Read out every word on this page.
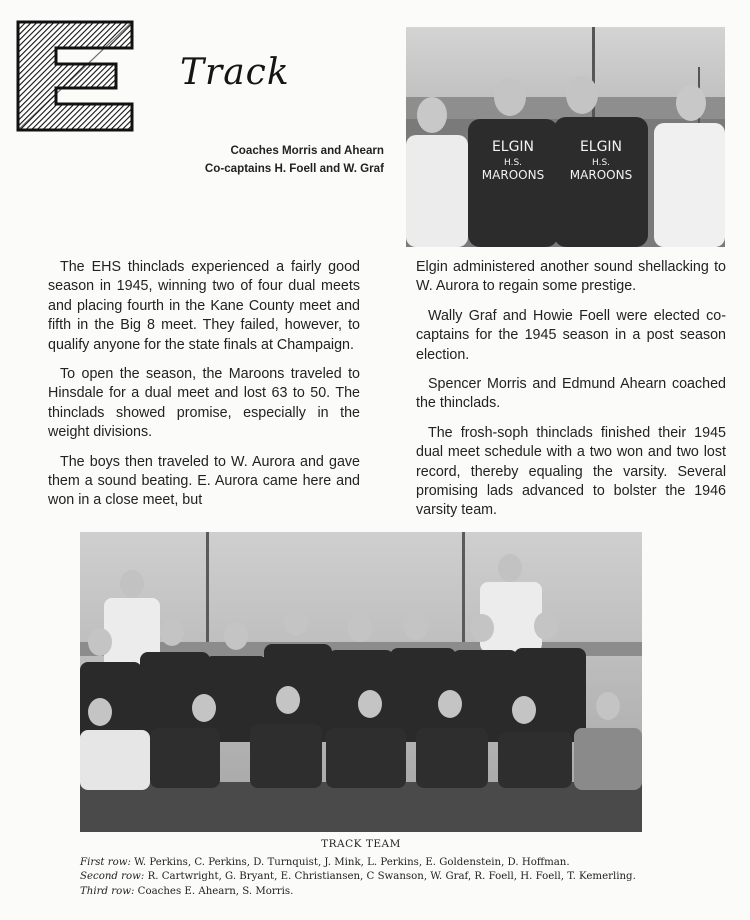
Track
Coaches Morris and Ahearn
Co-captains H. Foell and W. Graf
ELGIN
H.S.
MAROONS
ELGIN
H.S.
MAROONS

The EHS thinclads experienced a fairly good season in 1945, winning two of four dual meets and placing fourth in the Kane County meet and fifth in the Big 8 meet. They failed, however, to qualify anyone for the state finals at Champaign.

To open the season, the Maroons traveled to Hinsdale for a dual meet and lost 63 to 50. The thinclads showed promise, especially in the weight divisions.

The boys then traveled to W. Aurora and gave them a sound beating. E. Aurora came here and won in a close meet, but

Elgin administered another sound shellacking to W. Aurora to regain some prestige.

Wally Graf and Howie Foell were elected co-captains for the 1945 season in a post season election.

Spencer Morris and Edmund Ahearn coached the thinclads.

The frosh-soph thinclads finished their 1945 dual meet schedule with a two won and two lost record, thereby equaling the varsity. Several promising lads advanced to bolster the 1946 varsity team.

TRACK TEAM
First row: W. Perkins, C. Perkins, D. Turnquist, J. Mink, L. Perkins, E. Goldenstein, D. Hoffman.
Second row: R. Cartwright, G. Bryant, E. Christiansen, C Swanson, W. Graf, R. Foell, H. Foell, T. Kemerling. Third row: Coaches E. Ahearn, S. Morris.
